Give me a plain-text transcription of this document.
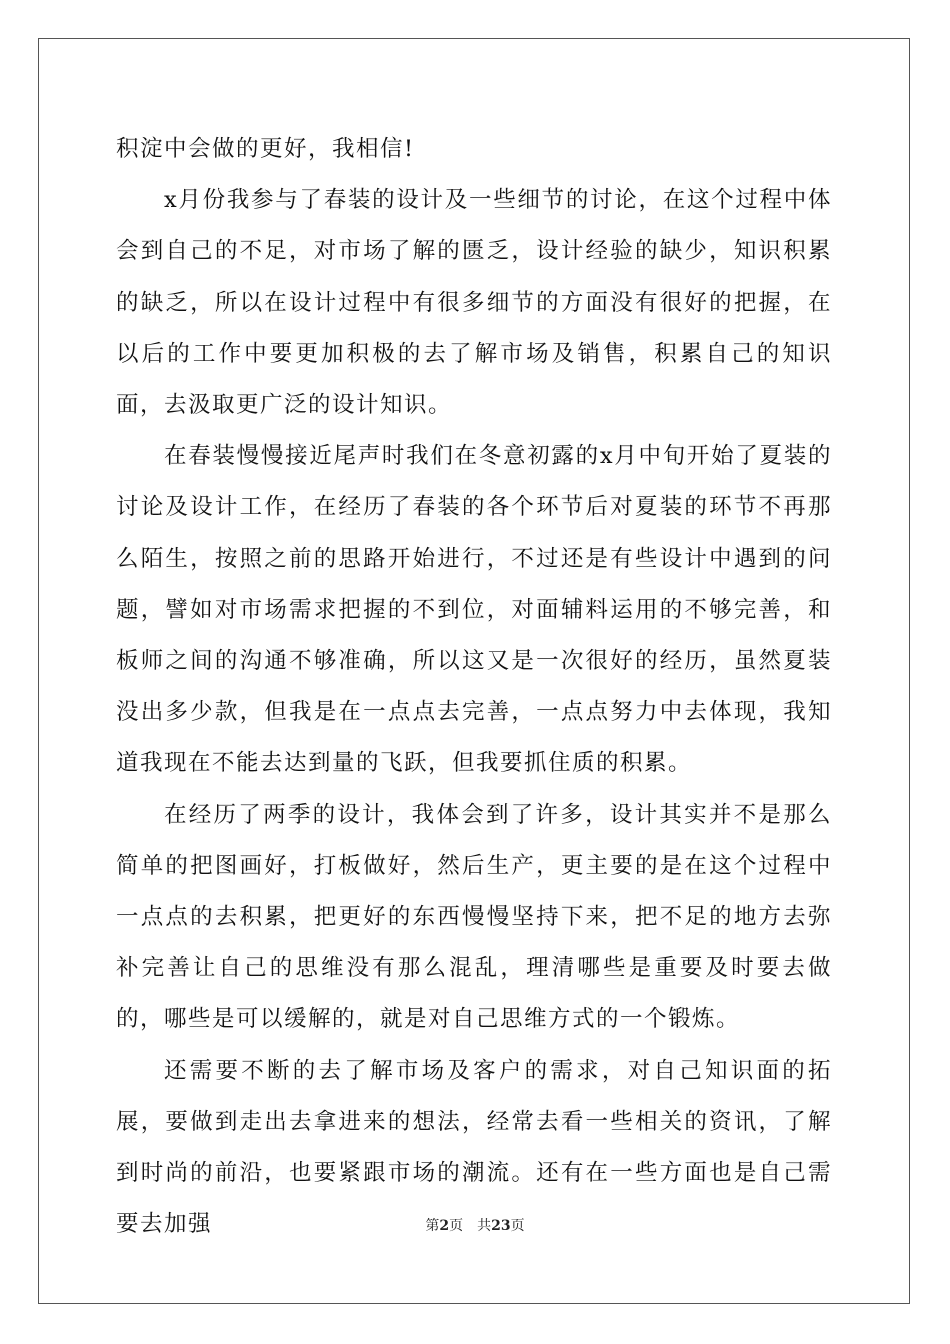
积淀中会做的更好，我相信!

x月份我参与了春装的设计及一些细节的讨论，在这个过程中体会到自己的不足，对市场了解的匮乏，设计经验的缺少，知识积累的缺乏，所以在设计过程中有很多细节的方面没有很好的把握，在以后的工作中要更加积极的去了解市场及销售，积累自己的知识面，去汲取更广泛的设计知识。

在春装慢慢接近尾声时我们在冬意初露的x月中旬开始了夏装的讨论及设计工作，在经历了春装的各个环节后对夏装的环节不再那么陌生，按照之前的思路开始进行，不过还是有些设计中遇到的问题，譬如对市场需求把握的不到位，对面辅料运用的不够完善，和板师之间的沟通不够准确，所以这又是一次很好的经历，虽然夏装没出多少款，但我是在一点点去完善，一点点努力中去体现，我知道我现在不能去达到量的飞跃，但我要抓住质的积累。

在经历了两季的设计，我体会到了许多，设计其实并不是那么简单的把图画好，打板做好，然后生产，更主要的是在这个过程中一点点的去积累，把更好的东西慢慢坚持下来，把不足的地方去弥补完善让自己的思维没有那么混乱，理清哪些是重要及时要去做的，哪些是可以缓解的，就是对自己思维方式的一个锻炼。

还需要不断的去了解市场及客户的需求，对自己知识面的拓展，要做到走出去拿进来的想法，经常去看一些相关的资讯，了解到时尚的前沿，也要紧跟市场的潮流。还有在一些方面也是自己需要去加强	第2页 共23页
